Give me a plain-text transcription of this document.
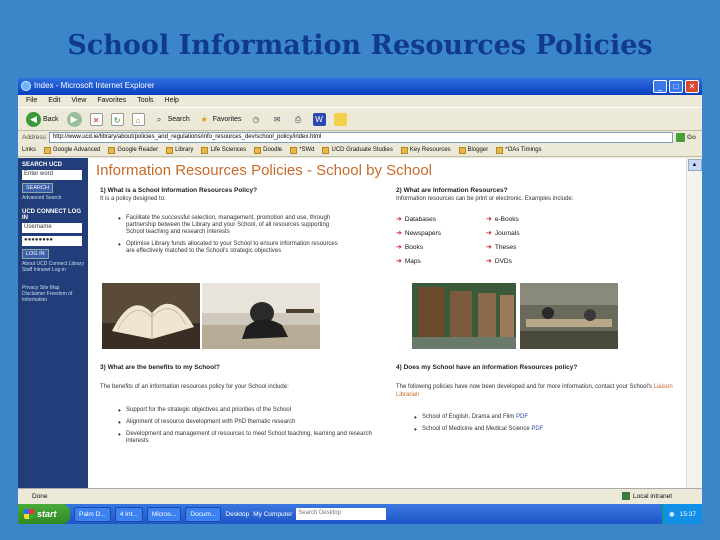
School Information Resources Policies
Index - Microsoft Internet Explorer	_	□	✕
File Edit View Favorites Tools Help
◀ Back	▶	✕	↻	⌂	⌕ Search	★ Favorites	◷	✉	⎙	W
Address	http://www.ucd.ie/library/about/policies_and_regulations/info_resources_dev/school_policy/index.html	Go
Links	Google Advanced	Google Reader	Library	Life Sciences	Doodle	*SWd	UCD Graduate Studies	Key Resources	Blogger	*OAs Timings
SEARCH UCD
Enter word
SEARCH
Advanced Search
UCD CONNECT LOG IN
Username
●●●●●●●●
LOG IN
About UCD Connect Library Staff Intranet Log-in
Privacy Site Map Disclaimer Freedom of Information
Information Resources Policies - School by School
1) What is a School Information Resources Policy?
It is a policy designed to:
• Facilitate the successful selection, management, promotion and use, through partnership between the Library and your School, of all resources supporting School teaching and research interests
• Optimise Library funds allocated to your School to ensure information resources are effectively matched to the School's strategic objectives
2) What are Information Resources?
Information resources can be print or electronic. Examples include:
➜ Databases	➜ e-Books
➜ Newspapers	➜ Journals
➜ Books	➜ Theses
➜ Maps	➜ DVDs
3) What are the benefits to my School?
The benefits of an information resources policy for your School include:
• Support for the strategic objectives and priorities of the School
• Alignment of resource development with PhD thematic research
• Development and management of resources to meet School teaching, learning and research interests
4) Does my School have an information Resources policy?
The following policies have now been developed and for more information, contact your School's Liaison Librarian
• School of English, Drama and Film PDF
• School of Medicine and Medical Science PDF
▲
Done	Local intranet
start	Palm D...	4 Int...	Micros...	Docum...	Desktop My Computer	Search Desktop	◉ 15:37
